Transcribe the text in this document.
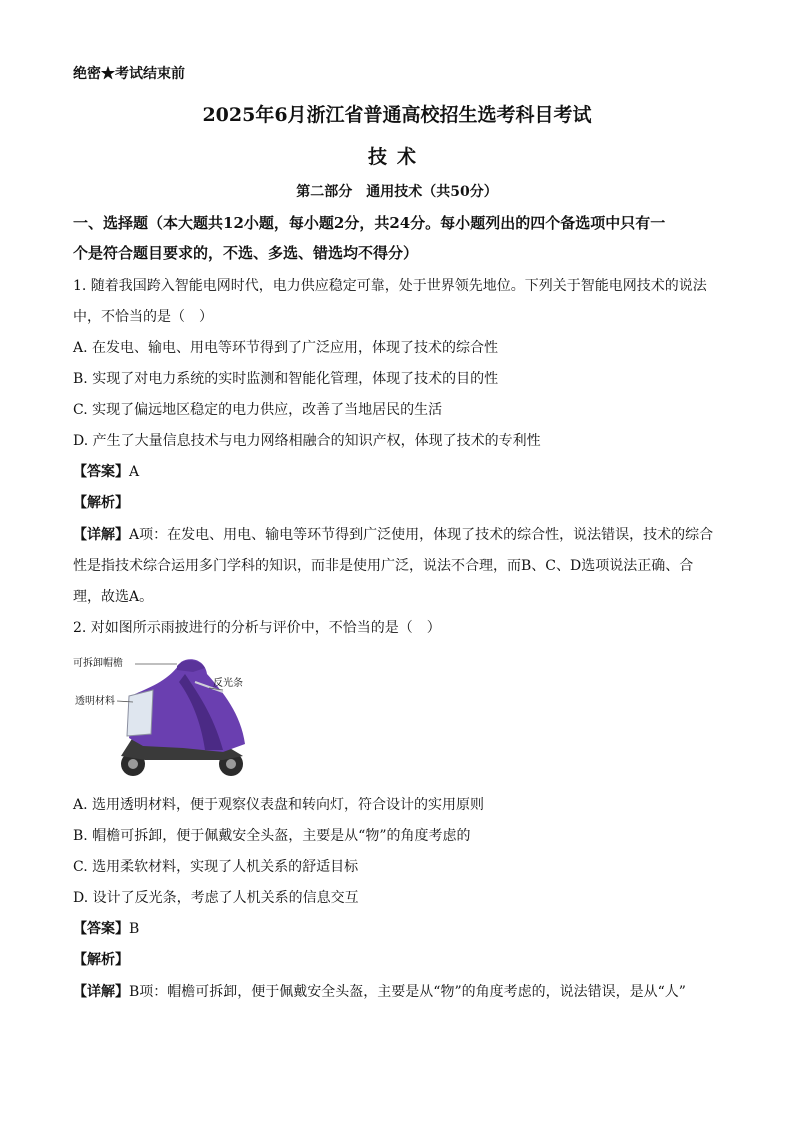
绝密★考试结束前
2025年6月浙江省普通高校招生选考科目考试
技术
第二部分　通用技术（共50分）
一、选择题（本大题共12小题，每小题2分，共24分。每小题列出的四个备选项中只有一
个是符合题目要求的，不选、多选、错选均不得分）
1. 随着我国跨入智能电网时代，电力供应稳定可靠，处于世界领先地位。下列关于智能电网技术的说法
中，不恰当的是（　）
A. 在发电、输电、用电等环节得到了广泛应用，体现了技术的综合性
B. 实现了对电力系统的实时监测和智能化管理，体现了技术的目的性
C. 实现了偏远地区稳定的电力供应，改善了当地居民的生活
D. 产生了大量信息技术与电力网络相融合的知识产权，体现了技术的专利性
【答案】A
【解析】
【详解】A项：在发电、用电、输电等环节得到广泛使用，体现了技术的综合性，说法错误，技术的综合
性是指技术综合运用多门学科的知识，而非是使用广泛，说法不合理，而B、C、D选项说法正确、合
理，故选A。
2. 对如图所示雨披进行的分析与评价中，不恰当的是（　）
可拆卸帽檐
反光条
透明材料
A. 选用透明材料，便于观察仪表盘和转向灯，符合设计的实用原则
B. 帽檐可拆卸，便于佩戴安全头盔，主要是从“物”的角度考虑的
C. 选用柔软材料，实现了人机关系的舒适目标
D. 设计了反光条，考虑了人机关系的信息交互
【答案】B
【解析】
【详解】B项：帽檐可拆卸，便于佩戴安全头盔，主要是从“物”的角度考虑的，说法错误，是从“人”
